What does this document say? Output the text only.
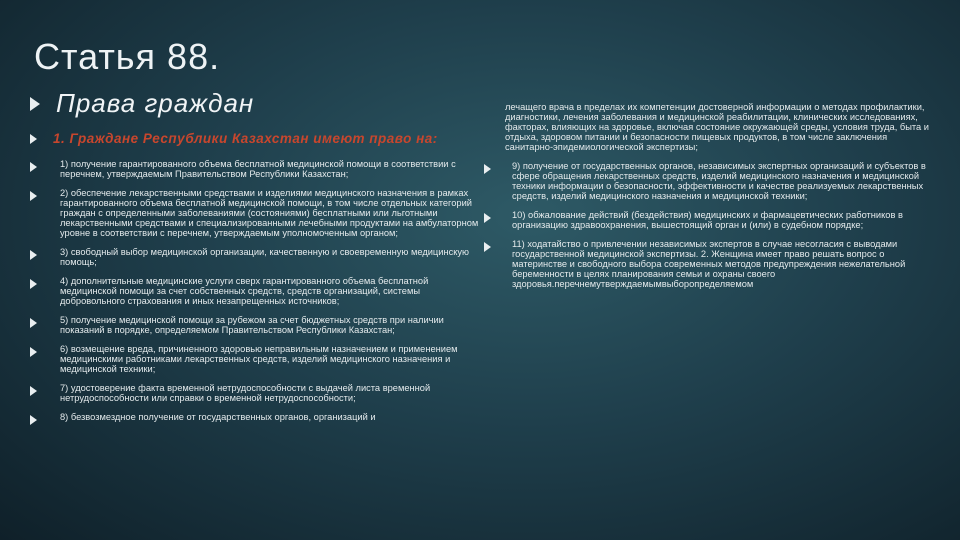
Статья 88.
Права граждан
1. Граждане Республики Казахстан имеют право на:
1) получение гарантированного объема бесплатной медицинской помощи в соответствии с перечнем, утверждаемым Правительством Республики Казахстан;
2) обеспечение лекарственными средствами и изделиями медицинского назначения в рамках гарантированного объема бесплатной медицинской помощи, в том числе отдельных категорий граждан с определенными заболеваниями (состояниями) бесплатными или льготными лекарственными средствами и специализированными лечебными продуктами на амбулаторном уровне в соответствии с перечнем, утверждаемым уполномоченным органом;
3) свободный выбор медицинской организации, качественную и своевременную медицинскую помощь;
4) дополнительные медицинские услуги сверх гарантированного объема бесплатной медицинской помощи за счет собственных средств, средств организаций, системы добровольного страхования и иных незапрещенных источников;
5) получение медицинской помощи за рубежом за счет бюджетных средств при наличии показаний в порядке, определяемом Правительством Республики Казахстан;
6) возмещение вреда, причиненного здоровью неправильным назначением и применением медицинскими работниками лекарственных средств, изделий медицинского назначения и медицинской техники;
7) удостоверение факта временной нетрудоспособности с выдачей листа временной нетрудоспособности или справки о временной нетрудоспособности;
8) безвозмездное получение от государственных органов, организаций и
лечащего врача в пределах их компетенции достоверной информации о методах профилактики, диагностики, лечения заболевания и медицинской реабилитации, клинических исследованиях, факторах, влияющих на здоровье, включая состояние окружающей среды, условия труда, быта и отдыха, здоровом питании и безопасности пищевых продуктов, в том числе заключения санитарно-эпидемиологической экспертизы;
9) получение от государственных органов, независимых экспертных организаций и субъектов в сфере обращения лекарственных средств, изделий медицинского назначения и медицинской техники информации о безопасности, эффективности и качестве реализуемых лекарственных средств, изделий медицинского назначения и медицинской техники;
10) обжалование действий (бездействия) медицинских и фармацевтических работников в организацию здравоохранения, вышестоящий орган и (или) в судебном порядке;
11) ходатайство о привлечении независимых экспертов в случае несогласия с выводами государственной медицинской экспертизы. 2. Женщина имеет право решать вопрос о материнстве и свободного выбора современных методов предупреждения нежелательной беременности в целях планирования семьи и охраны своего здоровья.перечнемутверждаемымвыборопределяемом
